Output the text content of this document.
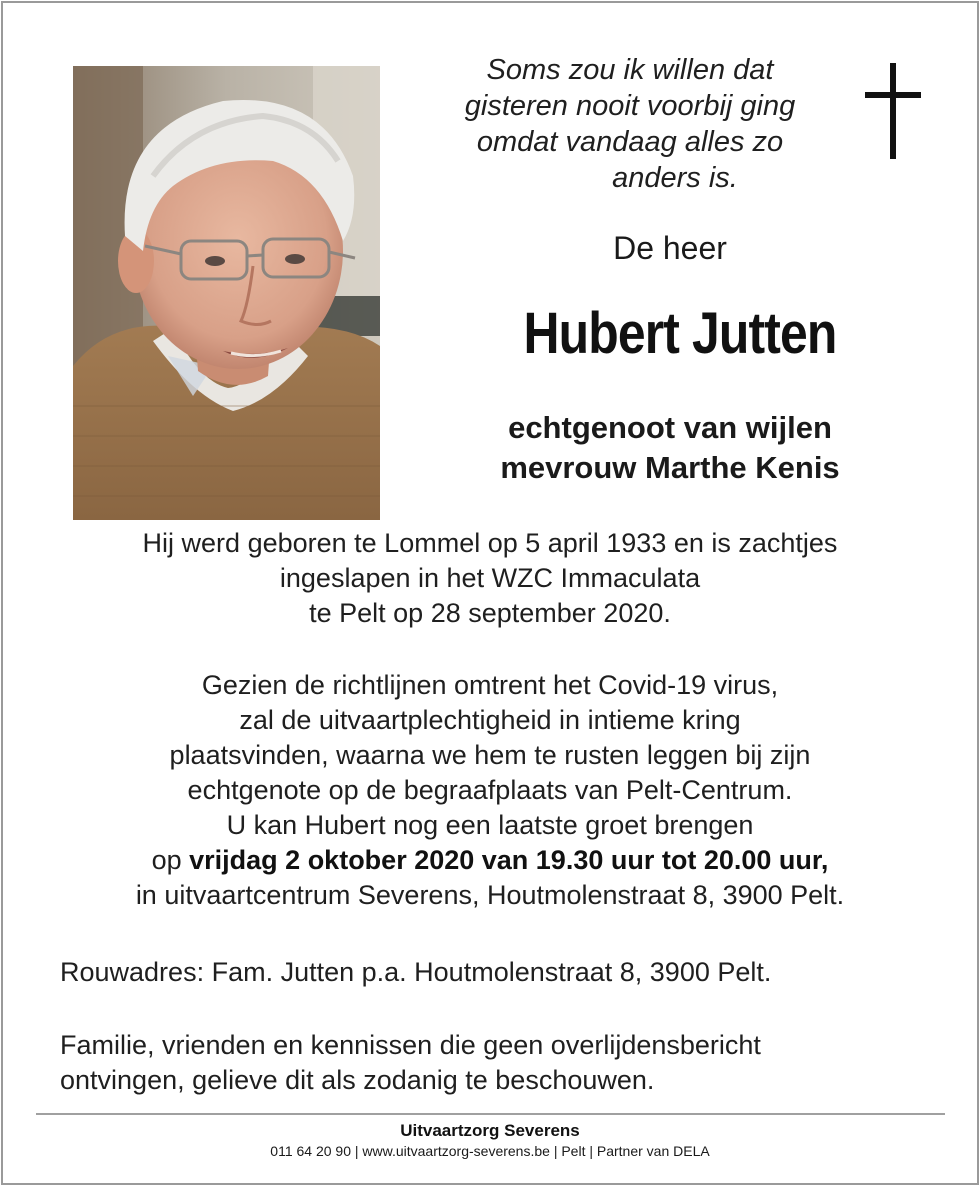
Soms zou ik willen dat
gisteren nooit voorbij ging
omdat vandaag alles zo
anders is.
De heer
Hubert Jutten
echtgenoot van wijlen
mevrouw Marthe Kenis
Hij werd geboren te Lommel op 5 april 1933 en is zachtjes
ingeslapen in het WZC Immaculata
te Pelt op 28 september 2020.
Gezien de richtlijnen omtrent het Covid-19 virus,
zal de uitvaartplechtigheid in intieme kring
plaatsvinden, waarna we hem te rusten leggen bij zijn
echtgenote op de begraafplaats van Pelt-Centrum.
U kan Hubert nog een laatste groet brengen
op vrijdag 2 oktober 2020 van 19.30 uur tot 20.00 uur,
in uitvaartcentrum Severens, Houtmolenstraat 8, 3900 Pelt.
Rouwadres: Fam. Jutten p.a. Houtmolenstraat 8, 3900 Pelt.
Familie, vrienden en kennissen die geen overlijdensbericht
ontvingen, gelieve dit als zodanig te beschouwen.
Uitvaartzorg Severens
011 64 20 90 | www.uitvaartzorg-severens.be | Pelt | Partner van DELA
